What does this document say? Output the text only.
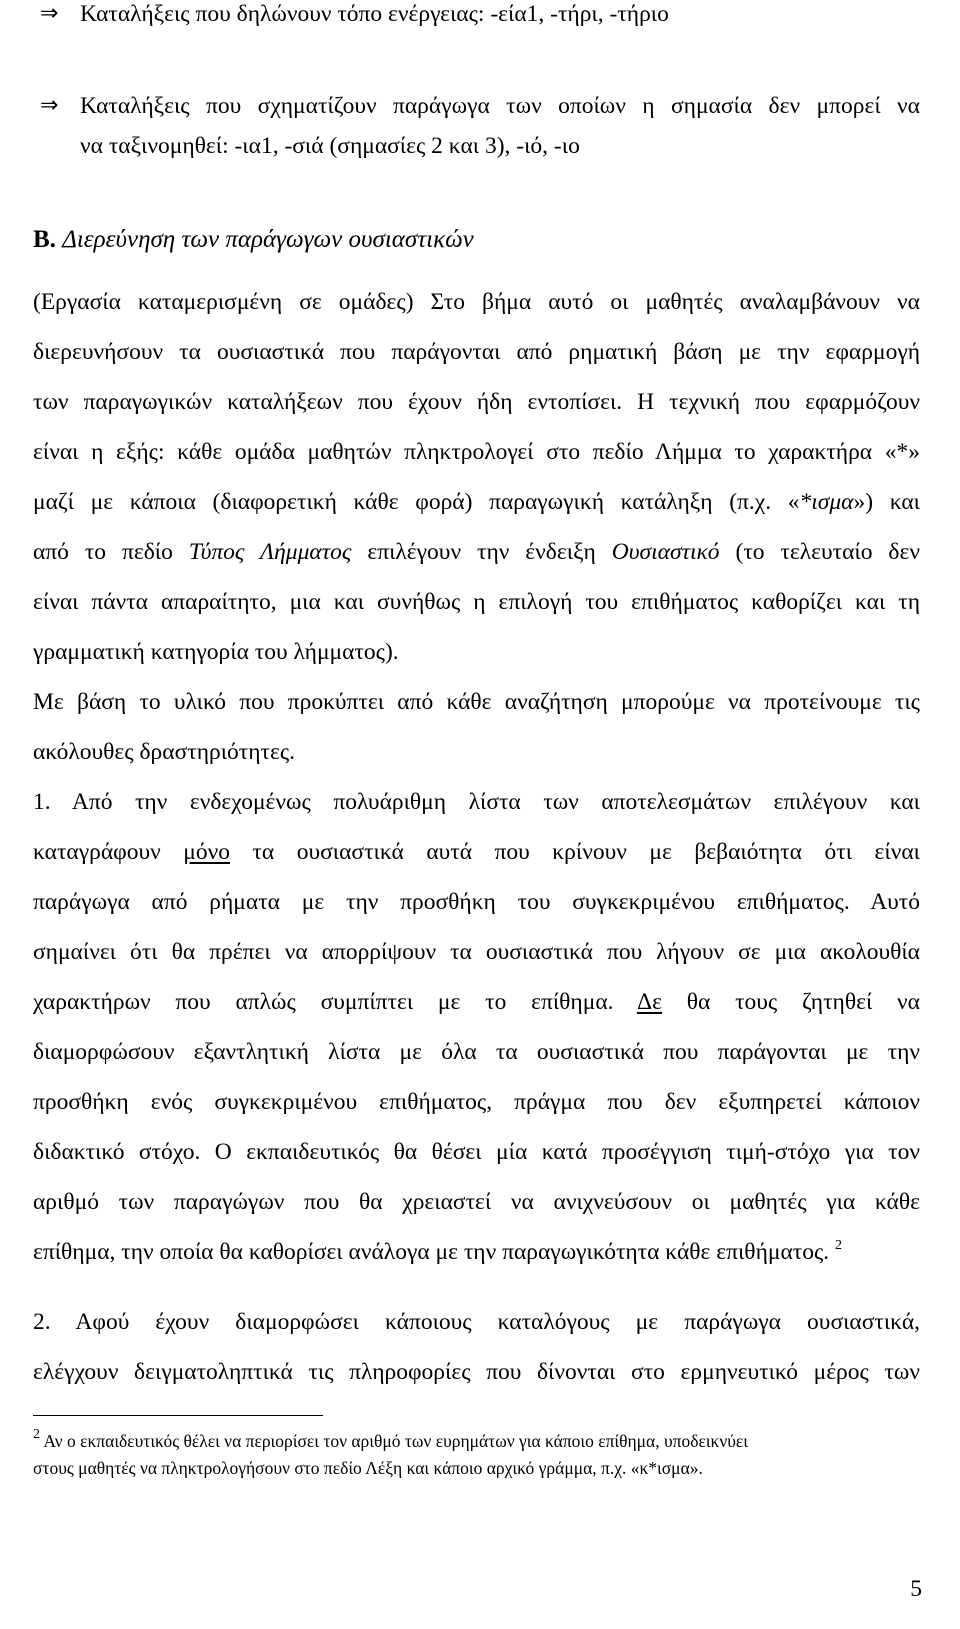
⇒ Καταλήξεις που δηλώνουν τόπο ενέργειας: -εία1, -τήρι, -τήριο
⇒ Καταλήξεις που σχηματίζουν παράγωγα των οποίων η σημασία δεν μπορεί να
να ταξινομηθεί: -ια1, -σιά (σημασίες 2 και 3), -ιό, -ιο
Β. Διερεύνηση των παράγωγων ουσιαστικών
(Εργασία καταμερισμένη σε ομάδες) Στο βήμα αυτό οι μαθητές αναλαμβάνουν να
διερευνήσουν τα ουσιαστικά που παράγονται από ρηματική βάση με την εφαρμογή
των παραγωγικών καταλήξεων που έχουν ήδη εντοπίσει. Η τεχνική που εφαρμόζουν
είναι η εξής: κάθε ομάδα μαθητών πληκτρολογεί στο πεδίο Λήμμα το χαρακτήρα «*»
μαζί με κάποια (διαφορετική κάθε φορά) παραγωγική κατάληξη (π.χ. «*ισμα») και
από το πεδίο Τύπος Λήμματος επιλέγουν την ένδειξη Ουσιαστικό (το τελευταίο δεν
είναι πάντα απαραίτητο, μια και συνήθως η επιλογή του επιθήματος καθορίζει και τη
γραμματική κατηγορία του λήμματος).
Με βάση το υλικό που προκύπτει από κάθε αναζήτηση μπορούμε να προτείνουμε τις
ακόλουθες δραστηριότητες.
1. Από την ενδεχομένως πολυάριθμη λίστα των αποτελεσμάτων επιλέγουν και
καταγράφουν μόνο τα ουσιαστικά αυτά που κρίνουν με βεβαιότητα ότι είναι
παράγωγα από ρήματα με την προσθήκη του συγκεκριμένου επιθήματος. Αυτό
σημαίνει ότι θα πρέπει να απορρίψουν τα ουσιαστικά που λήγουν σε μια ακολουθία
χαρακτήρων που απλώς συμπίπτει με το επίθημα. Δε θα τους ζητηθεί να
διαμορφώσουν εξαντλητική λίστα με όλα τα ουσιαστικά που παράγονται με την
προσθήκη ενός συγκεκριμένου επιθήματος, πράγμα που δεν εξυπηρετεί κάποιον
διδακτικό στόχο. Ο εκπαιδευτικός θα θέσει μία κατά προσέγγιση τιμή-στόχο για τον
αριθμό των παραγώγων που θα χρειαστεί να ανιχνεύσουν οι μαθητές για κάθε
επίθημα, την οποία θα καθορίσει ανάλογα με την παραγωγικότητα κάθε επιθήματος. $^2$
2. Αφού έχουν διαμορφώσει κάποιους καταλόγους με παράγωγα ουσιαστικά,
ελέγχουν δειγματοληπτικά τις πληροφορίες που δίνονται στο ερμηνευτικό μέρος των
$^2$ Αν ο εκπαιδευτικός θέλει να περιορίσει τον αριθμό των ευρημάτων για κάποιο επίθημα, υποδεικνύει
στους μαθητές να πληκτρολογήσουν στο πεδίο Λέξη και κάποιο αρχικό γράμμα, π.χ. «κ*ισμα».
5
